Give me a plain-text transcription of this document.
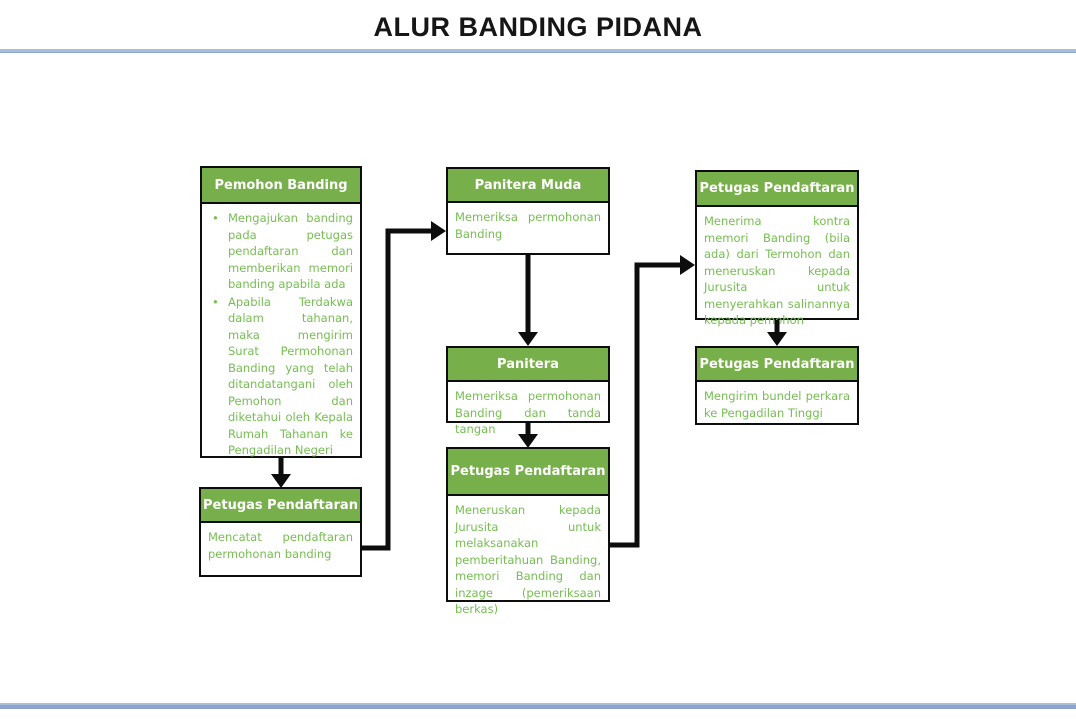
ALUR BANDING PIDANA
Pemohon Banding
• Mengajukan banding pada petugas pendaftaran dan memberikan memori banding apabila ada
• Apabila Terdakwa dalam tahanan, maka mengirim Surat Permohonan Banding yang telah ditandatangani oleh Pemohon dan diketahui oleh Kepala Rumah Tahanan ke Pengadilan Negeri
Petugas Pendaftaran
Mencatat pendaftaran permohonan banding
Panitera Muda
Memeriksa permohonan Banding
Panitera
Memeriksa permohonan Banding dan tanda tangan
Petugas Pendaftaran
Meneruskan kepada Jurusita untuk melaksanakan pemberitahuan Banding, memori Banding dan inzage (pemeriksaan berkas)
Petugas Pendaftaran
Menerima kontra memori Banding (bila ada) dari Termohon dan meneruskan kepada Jurusita untuk menyerahkan salinannya kepada pemohon
Petugas Pendaftaran
Mengirim bundel perkara ke Pengadilan Tinggi
